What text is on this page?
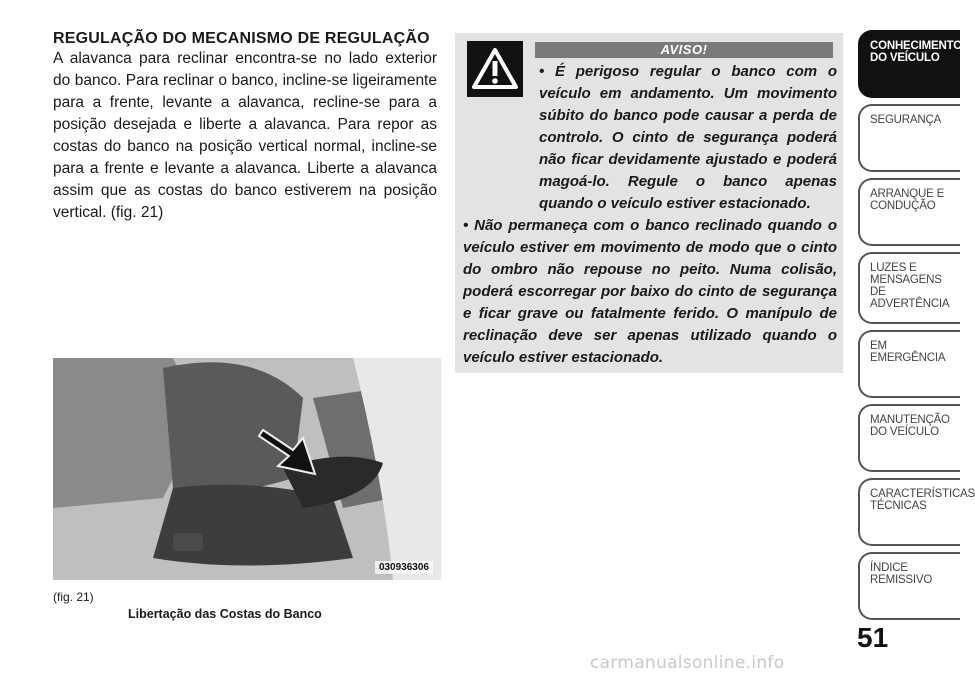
REGULAÇÃO DO MECANISMO DE REGULAÇÃO

A alavanca para reclinar encontra-se no lado exterior do banco. Para reclinar o banco, incline-se ligeiramente para a frente, levante a alavanca, recline-se para a posição desejada e liberte a alavanca. Para repor as costas do banco na posição vertical normal, incline-se para a frente e levante a alavanca. Liberte a alavanca assim que as costas do banco estiverem na posição vertical. (fig. 21)

030936306
(fig. 21)
Libertação das Costas do Banco
AVISO!

• É perigoso regular o banco com o veículo em andamento. Um movimento súbito do banco pode causar a perda de controlo. O cinto de segurança poderá não ficar devidamente ajustado e poderá magoá-lo. Regule o banco apenas quando o veículo estiver estacionado.

• Não permaneça com o banco reclinado quando o veículo estiver em movimento de modo que o cinto do ombro não repouse no peito. Numa colisão, poderá escorregar por baixo do cinto de segurança e ficar grave ou fatalmente ferido. O manípulo de reclinação deve ser apenas utilizado quando o veículo estiver estacionado.

CONHECIMENTO DO VEÍCULO
SEGURANÇA
ARRANQUE E CONDUÇÃO
LUZES E MENSAGENS DE ADVERTÊNCIA
EM EMERGÊNCIA
MANUTENÇÃO DO VEÍCULO
CARACTERÍSTICAS TÉCNICAS
ÍNDICE REMISSIVO
51
carmanualsonline.info
